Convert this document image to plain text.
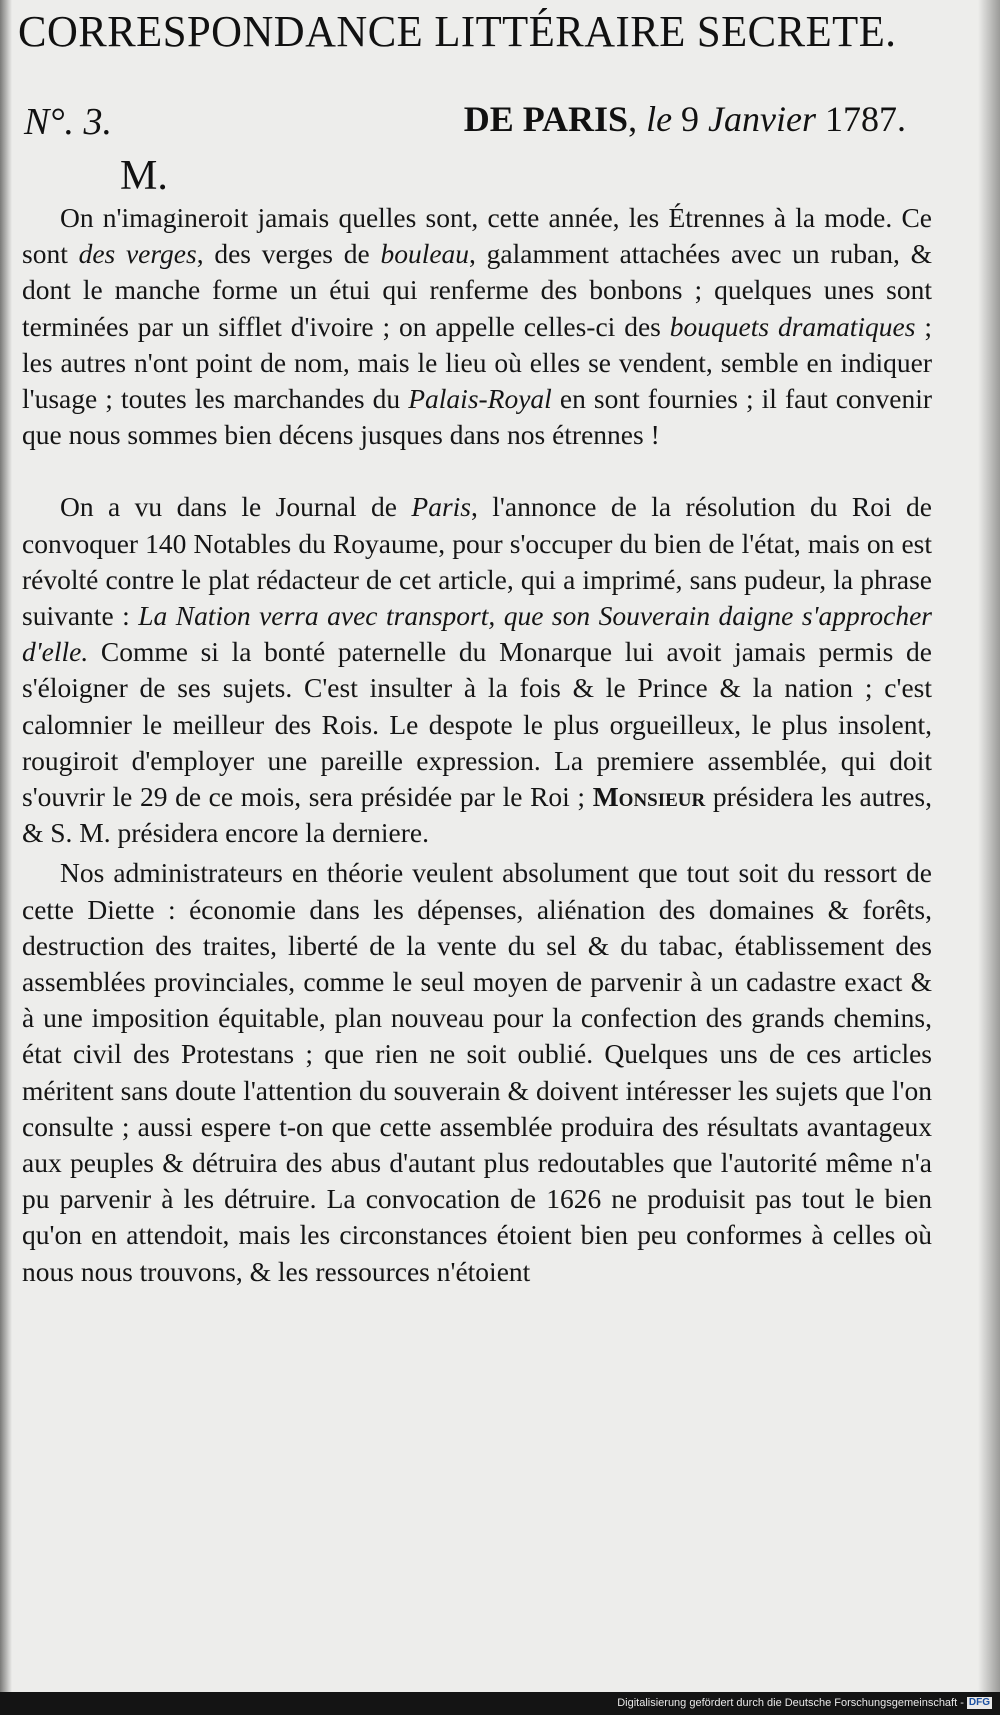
CORRESPONDANCE LITTÉRAIRE SECRETE.
N°. 3.	DE PARIS, le 9 Janvier 1787.
M.

On n'imagineroit jamais quelles sont, cette année, les Étrennes à la mode. Ce sont des verges, des verges de bouleau, galamment attachées avec un ruban, & dont le manche forme un étui qui renferme des bonbons ; quelques unes sont terminées par un sifflet d'ivoire ; on appelle celles-ci des bouquets dramatiques ; les autres n'ont point de nom, mais le lieu où elles se vendent, semble en indiquer l'usage ; toutes les marchandes du Palais-Royal en sont fournies ; il faut convenir que nous sommes bien décens jusques dans nos étrennes !

On a vu dans le Journal de Paris, l'annonce de la résolution du Roi de convoquer 140 Notables du Royaume, pour s'occuper du bien de l'état, mais on est révolté contre le plat rédacteur de cet article, qui a imprimé, sans pudeur, la phrase suivante : La Nation verra avec transport, que son Souverain daigne s'approcher d'elle. Comme si la bonté paternelle du Monarque lui avoit jamais permis de s'éloigner de ses sujets. C'est insulter à la fois & le Prince & la nation ; c'est calomnier le meilleur des Rois. Le despote le plus orgueilleux, le plus insolent, rougiroit d'employer une pareille expression. La premiere assemblée, qui doit s'ouvrir le 29 de ce mois, sera présidée par le Roi ; Monsieur présidera les autres, & S. M. présidera encore la derniere.

Nos administrateurs en théorie veulent absolument que tout soit du ressort de cette Diette : économie dans les dépenses, aliénation des domaines & forêts, destruction des traites, liberté de la vente du sel & du tabac, établissement des assemblées provinciales, comme le seul moyen de parvenir à un cadastre exact & à une imposition équitable, plan nouveau pour la confection des grands chemins, état civil des Protestans ; que rien ne soit oublié. Quelques uns de ces articles méritent sans doute l'attention du souverain & doivent intéresser les sujets que l'on consulte ; aussi espere t-on que cette assemblée produira des résultats avantageux aux peuples & détruira des abus d'autant plus redoutables que l'autorité même n'a pu parvenir à les détruire. La convocation de 1626 ne produisit pas tout le bien qu'on en attendoit, mais les circonstances étoient bien peu conformes à celles où nous nous trouvons, & les ressources n'étoient

Digitalisierung gefördert durch die Deutsche Forschungsgemeinschaft - DFG
